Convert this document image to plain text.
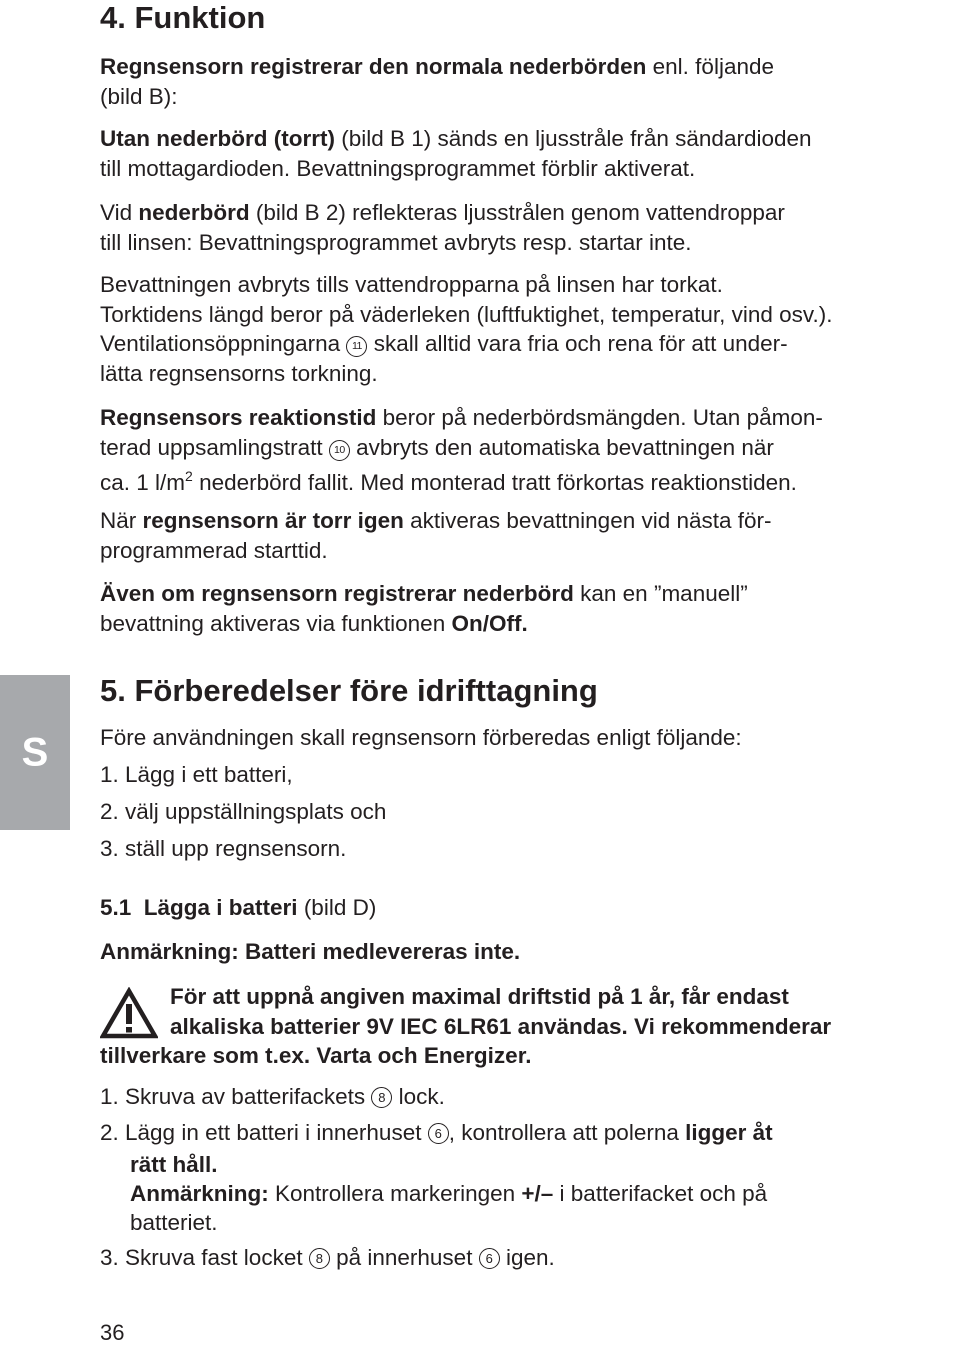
4. Funktion
Regnsensorn registrerar den normala nederbörden enl. följande
(bild B):
Utan nederbörd (torrt) (bild B 1) sänds en ljusstråle från sändardioden
till mottagardioden. Bevattningsprogrammet förblir aktiverat.
Vid nederbörd (bild B 2) reflekteras ljusstrålen genom vattendroppar
till linsen: Bevattningsprogrammet avbryts resp. startar inte.
Bevattningen avbryts tills vattendropparna på linsen har torkat.
Torktidens längd beror på väderleken (luftfuktighet, temperatur, vind osv.).
Ventilationsöppningarna 11 skall alltid vara fria och rena för att under-
lätta regnsensorns torkning.
Regnsensors reaktionstid beror på nederbördsmängden. Utan påmon-
terad uppsamlingstratt 10 avbryts den automatiska bevattningen när
ca. 1 $l/m^2$ nederbörd fallit. Med monterad tratt förkortas reaktionstiden.
När regnsensorn är torr igen aktiveras bevattningen vid nästa för-
programmerad starttid.
Även om regnsensorn registrerar nederbörd kan en ”manuell”
bevattning aktiveras via funktionen On/Off.
5. Förberedelser före idrifttagning
Före användningen skall regnsensorn förberedas enligt följande:
1. Lägg i ett batteri,
2. välj uppställningsplats och
3. ställ upp regnsensorn.
5.1  Lägga i batteri (bild D)
Anmärkning: Batteri medlevereras inte.
För att uppnå angiven maximal driftstid på 1 år, får endast
alkaliska batterier 9V IEC 6LR61 användas. Vi rekommenderar
tillverkare som t.ex. Varta och Energizer.
1. Skruva av batterifackets 8 lock.
2. Lägg in ett batteri i innerhuset 6 , kontrollera att polerna ligger åt
rätt håll.
Anmärkning: Kontrollera markeringen +/– i batterifacket och på
batteriet.
3. Skruva fast locket 8 på innerhuset 6 igen.
S
36
